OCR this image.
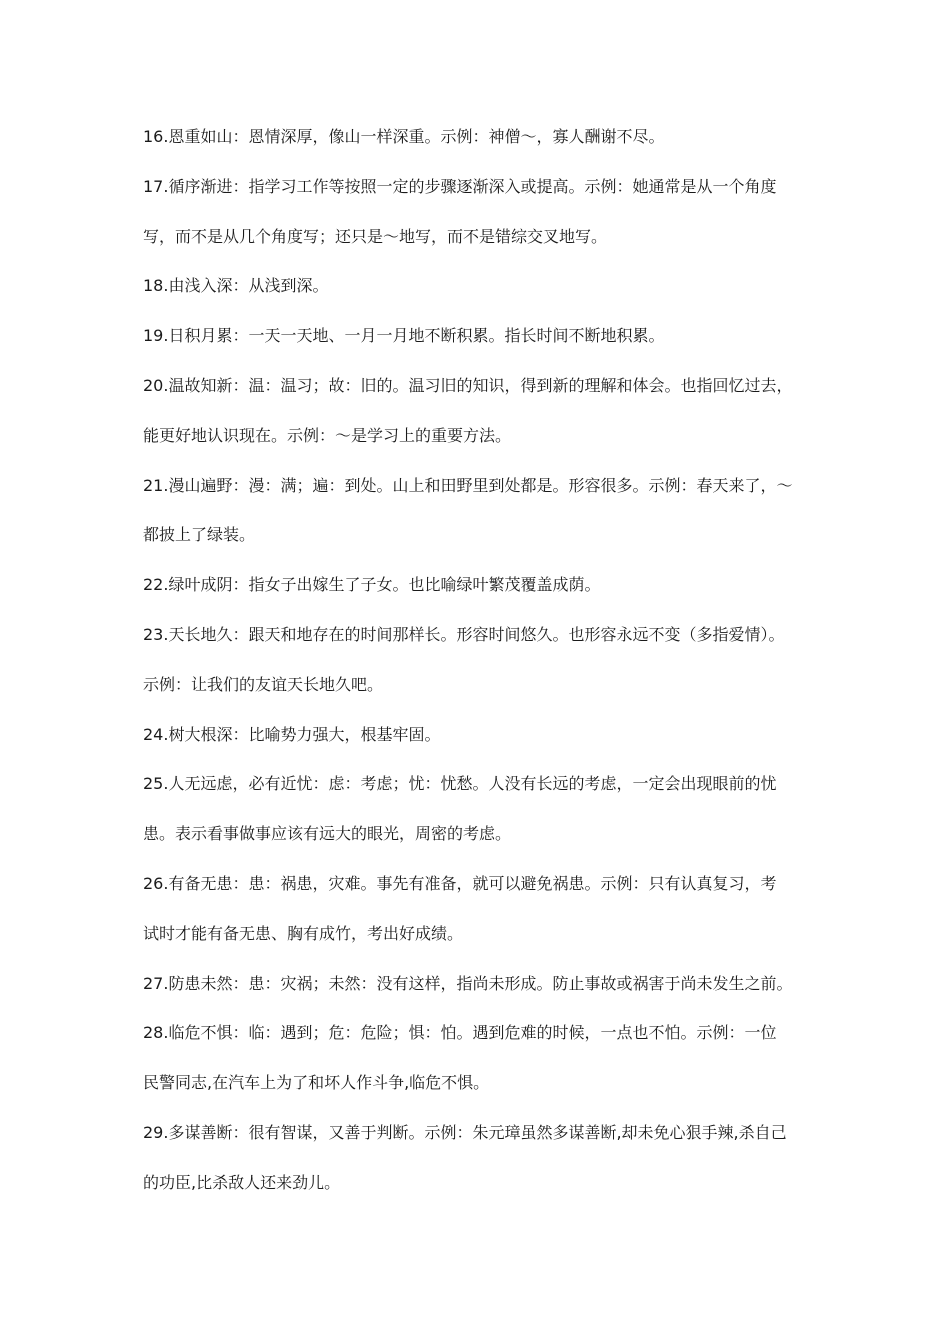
16.恩重如山：恩情深厚，像山一样深重。示例：神僧～，寡人酬谢不尽。
17.循序渐进：指学习工作等按照一定的步骤逐渐深入或提高。示例：她通常是从一个角度
写，而不是从几个角度写；还只是～地写，而不是错综交叉地写。
18.由浅入深：从浅到深。
19.日积月累：一天一天地、一月一月地不断积累。指长时间不断地积累。
20.温故知新：温：温习；故：旧的。温习旧的知识，得到新的理解和体会。也指回忆过去，
能更好地认识现在。示例：～是学习上的重要方法。
21.漫山遍野：漫：满；遍：到处。山上和田野里到处都是。形容很多。示例：春天来了，～
都披上了绿装。
22.绿叶成阴：指女子出嫁生了子女。也比喻绿叶繁茂覆盖成荫。
23.天长地久：跟天和地存在的时间那样长。形容时间悠久。也形容永远不变（多指爱情）。
示例：让我们的友谊天长地久吧。
24.树大根深：比喻势力强大，根基牢固。
25.人无远虑，必有近忧：虑：考虑；忧：忧愁。人没有长远的考虑，一定会出现眼前的忧
患。表示看事做事应该有远大的眼光，周密的考虑。
26.有备无患：患：祸患，灾难。事先有准备，就可以避免祸患。示例：只有认真复习，考
试时才能有备无患、胸有成竹，考出好成绩。
27.防患未然：患：灾祸；未然：没有这样，指尚未形成。防止事故或祸害于尚未发生之前。
28.临危不惧：临：遇到；危：危险；惧：怕。遇到危难的时候，一点也不怕。示例：一位
民警同志,在汽车上为了和坏人作斗争,临危不惧。
29.多谋善断：很有智谋，又善于判断。示例：朱元璋虽然多谋善断,却未免心狠手辣,杀自己
的功臣,比杀敌人还来劲儿。
